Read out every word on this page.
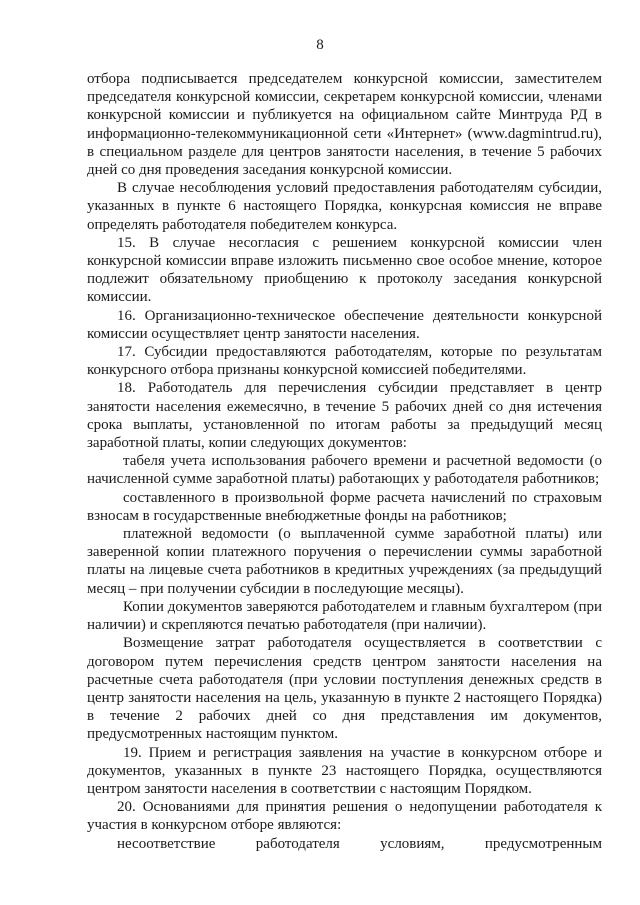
8

отбора подписывается председателем конкурсной комиссии, заместителем председателя конкурсной комиссии, секретарем конкурсной комиссии, членами конкурсной комиссии и публикуется на официальном сайте Минтруда РД в информационно-телекоммуникационной сети «Интернет» (www.dagmintrud.ru), в специальном разделе для центров занятости населения, в течение 5 рабочих дней со дня проведения заседания конкурсной комиссии.

В случае несоблюдения условий предоставления работодателям субсидии, указанных в пункте 6 настоящего Порядка, конкурсная комиссия не вправе определять работодателя победителем конкурса.

15. В случае несогласия с решением конкурсной комиссии член конкурсной комиссии вправе изложить письменно свое особое мнение, которое подлежит обязательному приобщению к протоколу заседания конкурсной комиссии.

16. Организационно-техническое обеспечение деятельности конкурсной комиссии осуществляет центр занятости населения.

17. Субсидии предоставляются работодателям, которые по результатам конкурсного отбора признаны конкурсной комиссией победителями.

18. Работодатель для перечисления субсидии представляет в центр занятости населения ежемесячно, в течение 5 рабочих дней со дня истечения срока выплаты, установленной по итогам работы за предыдущий месяц заработной платы, копии следующих документов:

табеля учета использования рабочего времени и расчетной ведомости (о начисленной сумме заработной платы) работающих у работодателя работников;

составленного в произвольной форме расчета начислений по страховым взносам в государственные внебюджетные фонды на работников;

платежной ведомости (о выплаченной сумме заработной платы) или заверенной копии платежного поручения о перечислении суммы заработной платы на лицевые счета работников в кредитных учреждениях (за предыдущий месяц – при получении субсидии в последующие месяцы).

Копии документов заверяются работодателем и главным бухгалтером (при наличии) и скрепляются печатью работодателя (при наличии).

Возмещение затрат работодателя осуществляется в соответствии с договором путем перечисления средств центром занятости населения на расчетные счета работодателя (при условии поступления денежных средств в центр занятости населения на цель, указанную в пункте 2 настоящего Порядка) в течение 2 рабочих дней со дня представления им документов, предусмотренных настоящим пунктом.

19. Прием и регистрация заявления на участие в конкурсном отборе и документов, указанных в пункте 23 настоящего Порядка, осуществляются центром занятости населения в соответствии с настоящим Порядком.

20. Основаниями для принятия решения о недопущении работодателя к участия в конкурсном отборе являются:

несоответствие работодателя условиям, предусмотренным
